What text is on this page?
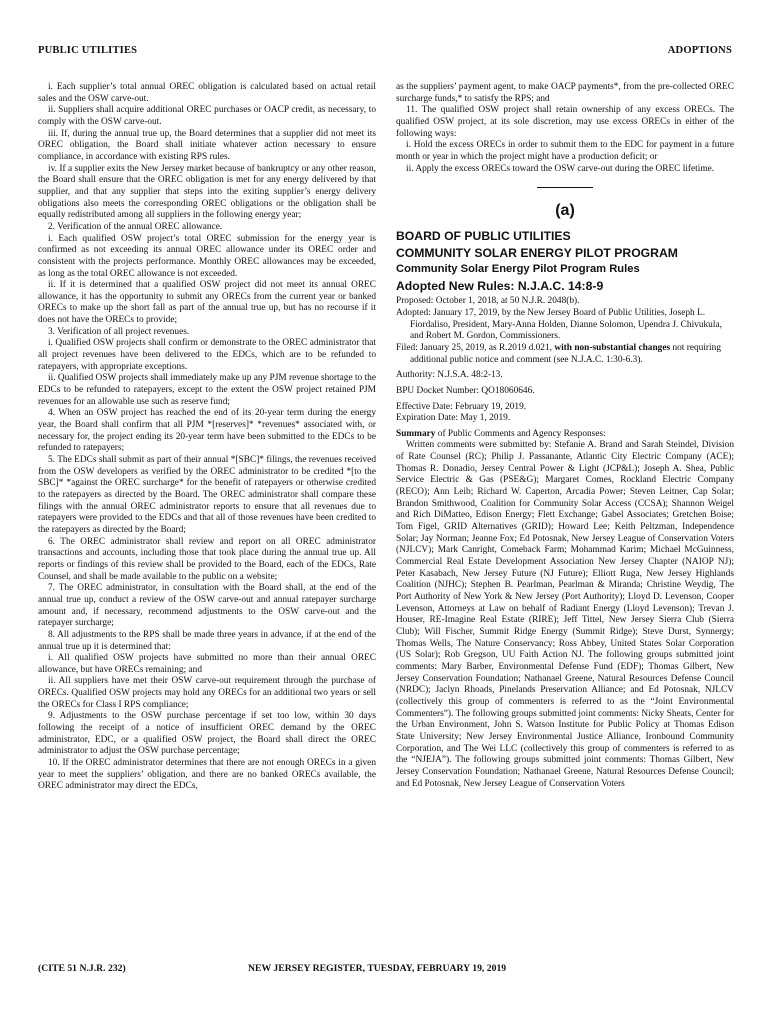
PUBLIC UTILITIES	ADOPTIONS

i. Each supplier’s total annual OREC obligation is calculated based on actual retail sales and the OSW carve-out.

ii. Suppliers shall acquire additional OREC purchases or OACP credit, as necessary, to comply with the OSW carve-out.

iii. If, during the annual true up, the Board determines that a supplier did not meet its OREC obligation, the Board shall initiate whatever action necessary to ensure compliance, in accordance with existing RPS rules.

iv. If a supplier exits the New Jersey market because of bankruptcy or any other reason, the Board shall ensure that the OREC obligation is met for any energy delivered by that supplier, and that any supplier that steps into the exiting supplier’s energy delivery obligations also meets the corresponding OREC obligations or the obligation shall be equally redistributed among all suppliers in the following energy year;

2. Verification of the annual OREC allowance.

i. Each qualified OSW project’s total OREC submission for the energy year is confirmed as not exceeding its annual OREC allowance under its OREC order and consistent with the projects performance. Monthly OREC allowances may be exceeded, as long as the total OREC allowance is not exceeded.

ii. If it is determined that a qualified OSW project did not meet its annual OREC allowance, it has the opportunity to submit any ORECs from the current year or banked ORECs to make up the short fall as part of the annual true up, but has no recourse if it does not have the ORECs to provide;

3. Verification of all project revenues.

i. Qualified OSW projects shall confirm or demonstrate to the OREC administrator that all project revenues have been delivered to the EDCs, which are to be refunded to ratepayers, with appropriate exceptions.

ii. Qualified OSW projects shall immediately make up any PJM revenue shortage to the EDCs to be refunded to ratepayers, except to the extent the OSW project retained PJM revenues for an allowable use such as reserve fund;

4. When an OSW project has reached the end of its 20-year term during the energy year, the Board shall confirm that all PJM *[reserves]* *revenues* associated with, or necessary for, the project ending its 20-year term have been submitted to the EDCs to be refunded to ratepayers;

5. The EDCs shall submit as part of their annual *[SBC]* filings, the revenues received from the OSW developers as verified by the OREC administrator to be credited *[to the SBC]* *against the OREC surcharge* for the benefit of ratepayers or otherwise credited to the ratepayers as directed by the Board. The OREC administrator shall compare these filings with the annual OREC administrator reports to ensure that all revenues due to ratepayers were provided to the EDCs and that all of those revenues have been credited to the ratepayers as directed by the Board;

6. The OREC administrator shall review and report on all OREC administrator transactions and accounts, including those that took place during the annual true up. All reports or findings of this review shall be provided to the Board, each of the EDCs, Rate Counsel, and shall be made available to the public on a website;

7. The OREC administrator, in consultation with the Board shall, at the end of the annual true up, conduct a review of the OSW carve-out and annual ratepayer surcharge amount and, if necessary, recommend adjustments to the OSW carve-out and the ratepayer surcharge;

8. All adjustments to the RPS shall be made three years in advance, if at the end of the annual true up it is determined that:

i. All qualified OSW projects have submitted no more than their annual OREC allowance, but have ORECs remaining; and

ii. All suppliers have met their OSW carve-out requirement through the purchase of ORECs. Qualified OSW projects may hold any ORECs for an additional two years or sell the ORECs for Class I RPS compliance;

9. Adjustments to the OSW purchase percentage if set too low, within 30 days following the receipt of a notice of insufficient OREC demand by the OREC administrator, EDC, or a qualified OSW project, the Board shall direct the OREC administrator to adjust the OSW purchase percentage;

10. If the OREC administrator determines that there are not enough ORECs in a given year to meet the suppliers’ obligation, and there are no banked ORECs available, the OREC administrator may direct the EDCs,

as the suppliers’ payment agent, to make OACP payments*, from the pre-collected OREC surcharge funds,* to satisfy the RPS; and

11. The qualified OSW project shall retain ownership of any excess ORECs. The qualified OSW project, at its sole discretion, may use excess ORECs in either of the following ways:

i. Hold the excess ORECs in order to submit them to the EDC for payment in a future month or year in which the project might have a production deficit; or

ii. Apply the excess ORECs toward the OSW carve-out during the OREC lifetime.

(a)
BOARD OF PUBLIC UTILITIES
COMMUNITY SOLAR ENERGY PILOT PROGRAM
Community Solar Energy Pilot Program Rules
Adopted New Rules: N.J.A.C. 14:8-9

Proposed: October 1, 2018, at 50 N.J.R. 2048(b).

Adopted: January 17, 2019, by the New Jersey Board of Public Utilities, Joseph L. Fiordaliso, President, Mary-Anna Holden, Dianne Solomon, Upendra J. Chivukula, and Robert M. Gordon, Commissioners.

Filed: January 25, 2019, as R.2019 d.021, with non-substantial changes not requiring additional public notice and comment (see N.J.A.C. 1:30-6.3).

Authority: N.J.S.A. 48:2-13.

BPU Docket Number: QO18060646.

Effective Date: February 19, 2019.

Expiration Date: May 1, 2019.

Summary of Public Comments and Agency Responses:

Written comments were submitted by: Stefanie A. Brand and Sarah Steindel, Division of Rate Counsel (RC); Philip J. Passanante, Atlantic City Electric Company (ACE); Thomas R. Donadio, Jersey Central Power & Light (JCP&L); Joseph A. Shea, Public Service Electric & Gas (PSE&G); Margaret Comes, Rockland Electric Company (RECO); Ann Leib; Richard W. Caperton, Arcadia Power; Steven Leitner, Cap Solar; Brandon Smithwood, Coalition for Community Solar Access (CCSA); Shannon Weigel and Rich DiMatteo, Edison Energy; Flett Exchange; Gabel Associates; Gretchen Boise; Tom Figel, GRID Alternatives (GRID); Howard Lee; Keith Peltzman, Independence Solar; Jay Norman; Jeanne Fox; Ed Potosnak, New Jersey League of Conservation Voters (NJLCV); Mark Canright, Comeback Farm; Mohammad Karim; Michael McGuinness, Commercial Real Estate Development Association New Jersey Chapter (NAIOP NJ); Peter Kasabach, New Jersey Future (NJ Future); Elliott Ruga, New Jersey Highlands Coalition (NJHC); Stephen B. Pearlman, Pearlman & Miranda; Christine Weydig, The Port Authority of New York & New Jersey (Port Authority); Lloyd D. Levenson, Cooper Levenson, Attorneys at Law on behalf of Radiant Energy (Lloyd Levenson); Trevan J. Houser, RE-Imagine Real Estate (RIRE); Jeff Tittel, New Jersey Sierra Club (Sierra Club); Will Fischer, Summit Ridge Energy (Summit Ridge); Steve Durst, Synnergy; Thomas Wells, The Nature Conservancy; Ross Abbey, United States Solar Corporation (US Solar); Rob Gregson, UU Faith Action NJ. The following groups submitted joint comments: Mary Barber, Environmental Defense Fund (EDF); Thomas Gilbert, New Jersey Conservation Foundation; Nathanael Greene, Natural Resources Defense Council (NRDC); Jaclyn Rhoads, Pinelands Preservation Alliance; and Ed Potosnak, NJLCV (collectively this group of commenters is referred to as the “Joint Environmental Commenters”). The following groups submitted joint comments: Nicky Sheats, Center for the Urban Environment, John S. Watson Institute for Public Policy at Thomas Edison State University; New Jersey Environmental Justice Alliance, Ironbound Community Corporation, and The Wei LLC (collectively this group of commenters is referred to as the “NJEJA”). The following groups submitted joint comments: Thomas Gilbert, New Jersey Conservation Foundation; Nathanael Greene, Natural Resources Defense Council; and Ed Potosnak, New Jersey League of Conservation Voters

(CITE 51 N.J.R. 232)	NEW JERSEY REGISTER, TUESDAY, FEBRUARY 19, 2019
